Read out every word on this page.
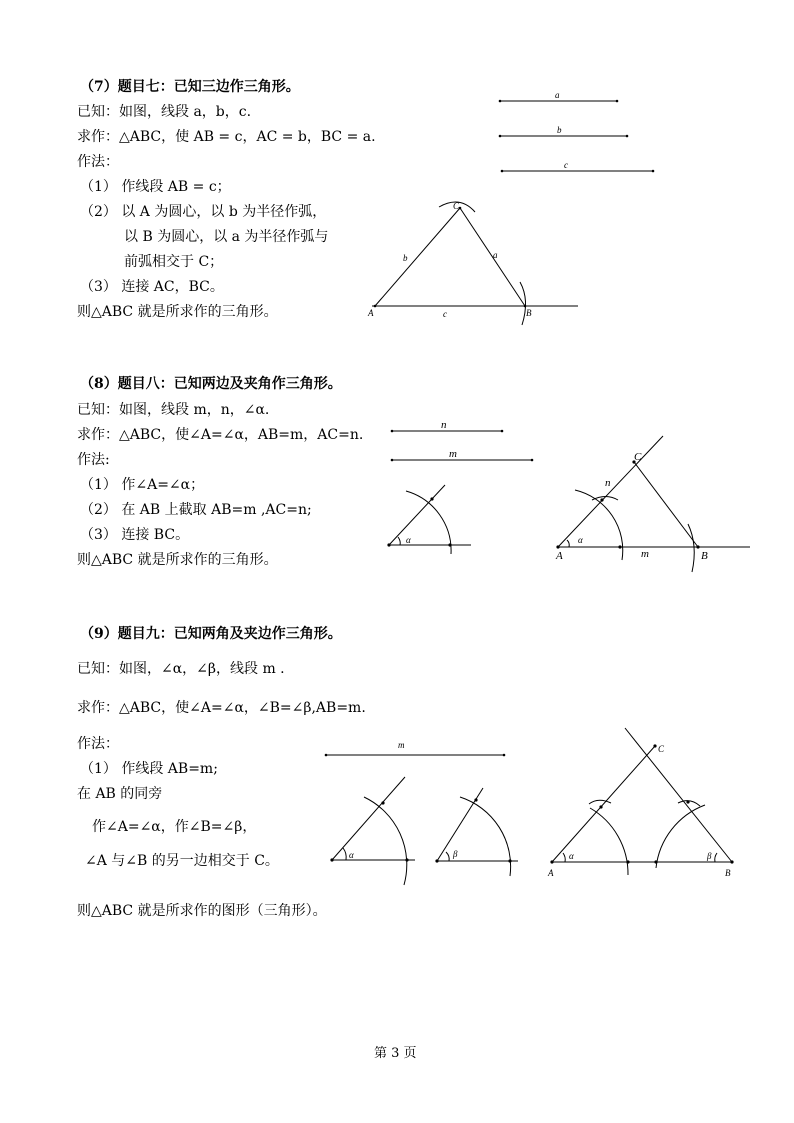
（7）题目七：已知三边作三角形。
已知：如图，线段 a，b，c.
求作：△ABC，使 AB = c，AC = b，BC = a.
作法：
（1） 作线段 AB = c；
（2） 以 A 为圆心，以 b 为半径作弧，
以 B 为圆心，以 a 为半径作弧与
前弧相交于 C；
（3） 连接 AC，BC。
则△ABC 就是所求作的三角形。
（8）题目八：已知两边及夹角作三角形。
已知：如图，线段 m，n，∠α.
求作：△ABC，使∠A=∠α，AB=m，AC=n.
作法:
（1） 作∠A=∠α；
（2） 在 AB 上截取 AB=m ,AC=n;
（3） 连接 BC。
则△ABC 就是所求作的三角形。
（9）题目九：已知两角及夹边作三角形。
已知：如图，∠α，∠β，线段 m .
求作：△ABC，使∠A=∠α，∠B=∠β,AB=m.
作法：
（1） 作线段 AB=m;
在 AB 的同旁
作∠A=∠α，作∠B=∠β，
∠A 与∠B 的另一边相交于 C。
则△ABC 就是所求作的图形（三角形）。
第 3 页
a
b
c
C
A	B
b	a
c
n
m
α
A	B
C
n
m
α
m
α	β
A	B
C
α	β
